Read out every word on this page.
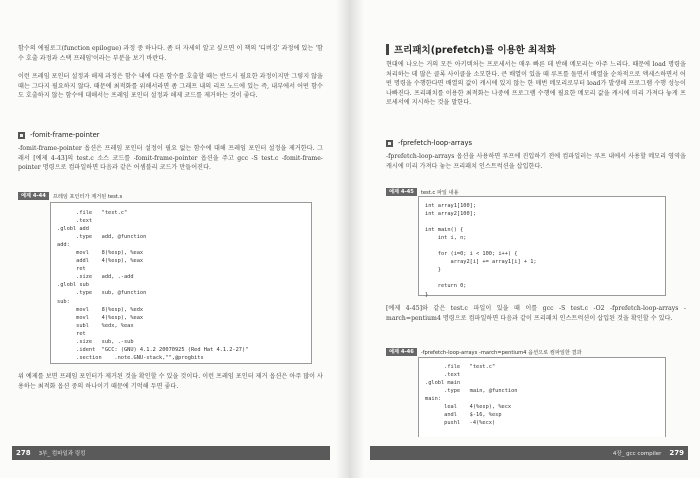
함수의 에필로그(function epilogue) 과정 중 하나다. 좀 더 자세히 알고 싶으면 이 책의 '디버깅' 과정에 있는 '함수 호출 과정과 스택 프레임'이라는 부분을 보기 바란다.

이런 프레임 포인터 설정과 해제 과정은 함수 내에 다른 함수를 호출할 때는 반드시 필요한 과정이지만 그렇지 않을 때는 그다지 필요하지 않다. 때문에 최적화를 위해서라면 좀 그래프 내의 리프 노드에 있는 즉, 내부에서 어떤 함수도 호출하지 않는 함수에 대해서는 프레임 포인터 설정과 해제 코드를 제거하는 것이 좋다.

-fomit-frame-pointer

-fomit-frame-pointer 옵션은 프레임 포인터 설정이 필요 없는 함수에 대해 프레임 포인터 설정을 제거한다. 그래서 [예제 4-43]의 test.c 소스 코드를 -fomit-frame-pointer 옵션을 주고 gcc -S test.c -fomit-frame-pointer 명령으로 컴파일하면 다음과 같은 어셈블리 코드가 만들어진다.

예제 4-44	프레임 포인터가 제거된 test.s
.file   "test.c"
.text
.globl add
.type   add, @function
add:
movl    8(%esp), %eax
addl    4(%esp), %eax
ret
.size   add, .-add
.globl sub
.type   sub, @function
sub:
movl    8(%esp), %edx
movl    4(%esp), %eax
subl    %edx, %eax
ret
.size   sub, .-sub
.ident  "GCC: (GNU) 4.1.2 20070925 (Red Hat 4.1.2-27)"
.section    .note.GNU-stack,"",@progbits

위 예제를 보면 프레임 포인터가 제거된 것을 확인할 수 있을 것이다. 이런 프레임 포인터 제거 옵션은 아주 많이 사용하는 최적화 옵션 중의 하나이기 때문에 기억해 두면 좋다.

278	3부_ 컴파일과 링킹
프리패치(prefetch)를 이용한 최적화

현대에 나오는 거의 모든 아키텍처는 프로세서는 매우 빠른 데 반해 메모리는 아주 느리다. 때문에 load 명령을 처리하는 데 많은 클록 사이클을 소모한다. 큰 배열이 있을 때 루프를 돌면서 배열을 순차적으로 액세스하면서 어떤 명령을 수행한다면 배열의 값이 캐시에 있지 않는 한 매번 메모리로부터 load가 발생해 프로그램 수행 성능이 나빠진다. 프리패치를 이용한 최적화는 나중에 프로그램 수행에 필요한 메모리 값을 캐시에 미리 가져다 놓게 프로세서에 지시하는 것을 말한다.

-fprefetch-loop-arrays

-fprefetch-loop-arrays 옵션을 사용하면 루프에 진입하기 전에 컴파일러는 루프 내에서 사용할 메모리 영역을 캐시에 미리 가져다 놓는 프리패치 인스트럭션을 삽입한다.

예제 4-45	test.c 파일 내용
int array1[100];
int array2[100];

int main() {
int i, n;

for (i=0; i < 100; i++) {
array2[i] += array1[i] + 1;
}

return 0;
}

[예제 4-45]와 같은 test.c 파일이 있을 때 이를 gcc -S test.c -O2 -fprefetch-loop-arrays -march=pentium4 명령으로 컴파일하면 다음과 같이 프리패치 인스트럭션이 삽입된 것을 확인할 수 있다.

예제 4-46	-fprefetch-loop-arrays -march=pentium4 옵션으로 컴파일한 결과
.file   "test.c"
.text
.globl main
.type   main, @function
main:
leal    4(%esp), %ecx
andl    $-16, %esp
pushl   -4(%ecx)
4장_ gcc compiler	279
